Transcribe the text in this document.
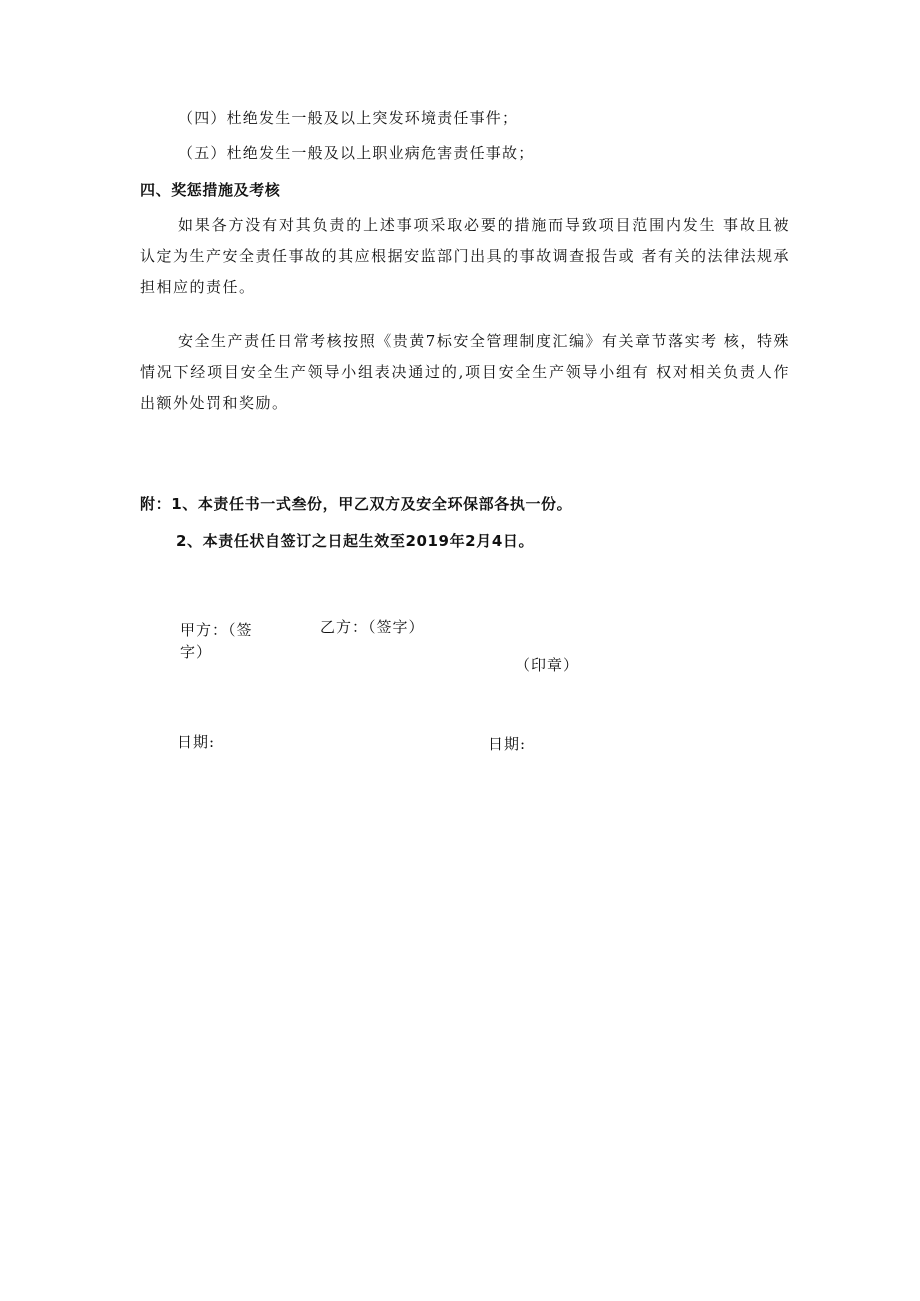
（四）杜绝发生一般及以上突发环境责任事件；
（五）杜绝发生一般及以上职业病危害责任事故；
四、奖惩措施及考核
如果各方没有对其负责的上述事项采取必要的措施而导致项目范围内发生 事故且被认定为生产安全责任事故的其应根据安监部门出具的事故调查报告或 者有关的法律法规承担相应的责任。
安全生产责任日常考核按照《贵黄7标安全管理制度汇编》有关章节落实考 核，特殊情况下经项目安全生产领导小组表决通过的,项目安全生产领导小组有 权对相关负责人作出额外处罚和奖励。
附：1、本责任书一式叁份，甲乙双方及安全环保部各执一份。
2、本责任状自签订之日起生效至2019年2月4日。
甲方：（签字）
乙方：（签字）
（印章）
日期:	日期:
